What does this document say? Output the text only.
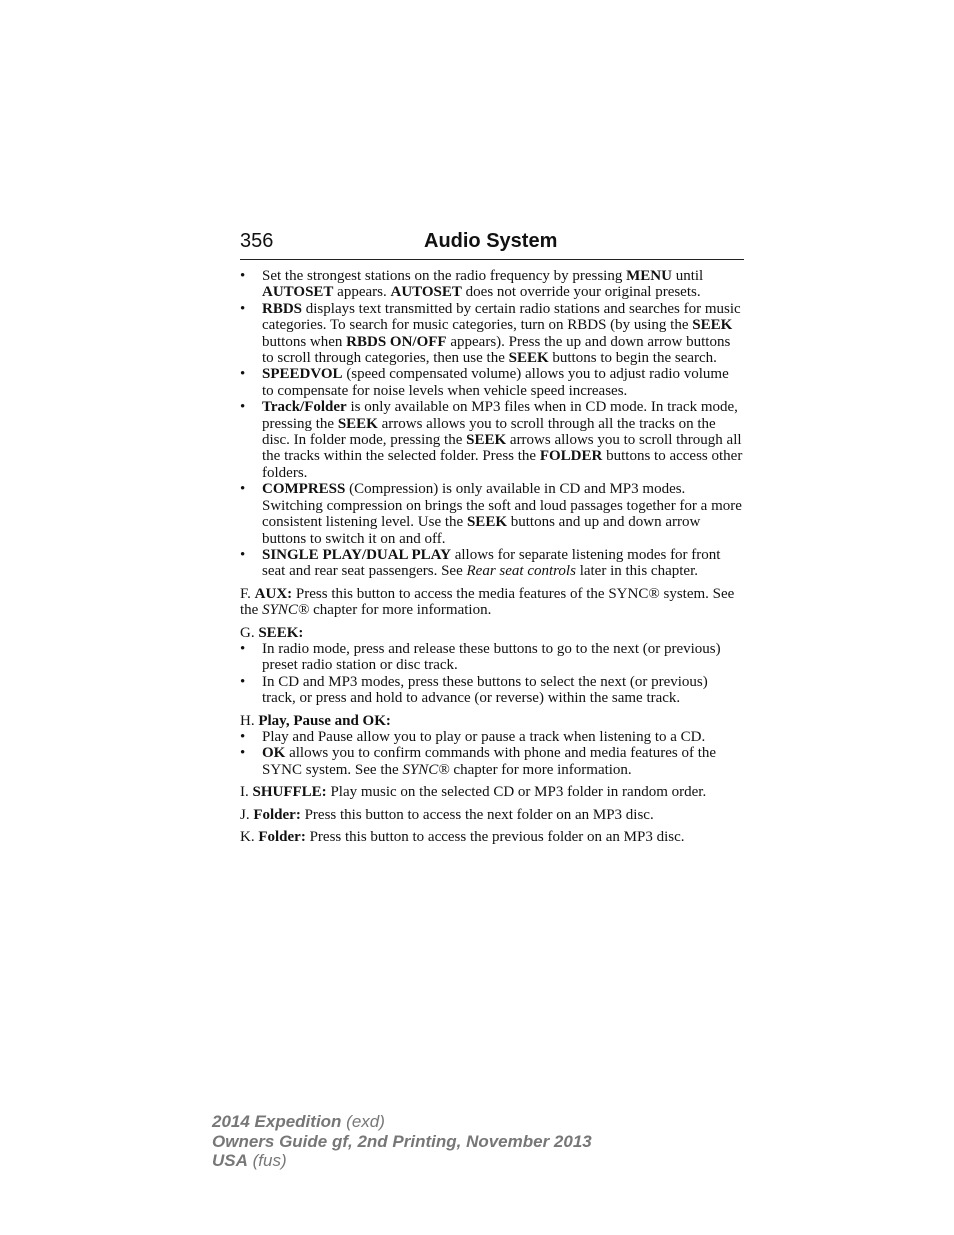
356	Audio System
• Set the strongest stations on the radio frequency by pressing MENU until AUTOSET appears. AUTOSET does not override your original presets.
• RBDS displays text transmitted by certain radio stations and searches for music categories. To search for music categories, turn on RBDS (by using the SEEK buttons when RBDS ON/OFF appears). Press the up and down arrow buttons to scroll through categories, then use the SEEK buttons to begin the search.
• SPEEDVOL (speed compensated volume) allows you to adjust radio volume to compensate for noise levels when vehicle speed increases.
• Track/Folder is only available on MP3 files when in CD mode. In track mode, pressing the SEEK arrows allows you to scroll through all the tracks on the disc. In folder mode, pressing the SEEK arrows allows you to scroll through all the tracks within the selected folder. Press the FOLDER buttons to access other folders.
• COMPRESS (Compression) is only available in CD and MP3 modes. Switching compression on brings the soft and loud passages together for a more consistent listening level. Use the SEEK buttons and up and down arrow buttons to switch it on and off.
• SINGLE PLAY/DUAL PLAY allows for separate listening modes for front seat and rear seat passengers. See Rear seat controls later in this chapter.

F. AUX: Press this button to access the media features of the SYNC® system. See the SYNC® chapter for more information.

G. SEEK:

• In radio mode, press and release these buttons to go to the next (or previous) preset radio station or disc track.
• In CD and MP3 modes, press these buttons to select the next (or previous) track, or press and hold to advance (or reverse) within the same track.

H. Play, Pause and OK:

• Play and Pause allow you to play or pause a track when listening to a CD.
• OK allows you to confirm commands with phone and media features of the SYNC system. See the SYNC® chapter for more information.

I. SHUFFLE: Play music on the selected CD or MP3 folder in random order.

J. Folder: Press this button to access the next folder on an MP3 disc.

K. Folder: Press this button to access the previous folder on an MP3 disc.

2014 Expedition (exd)
Owners Guide gf, 2nd Printing, November 2013
USA (fus)
